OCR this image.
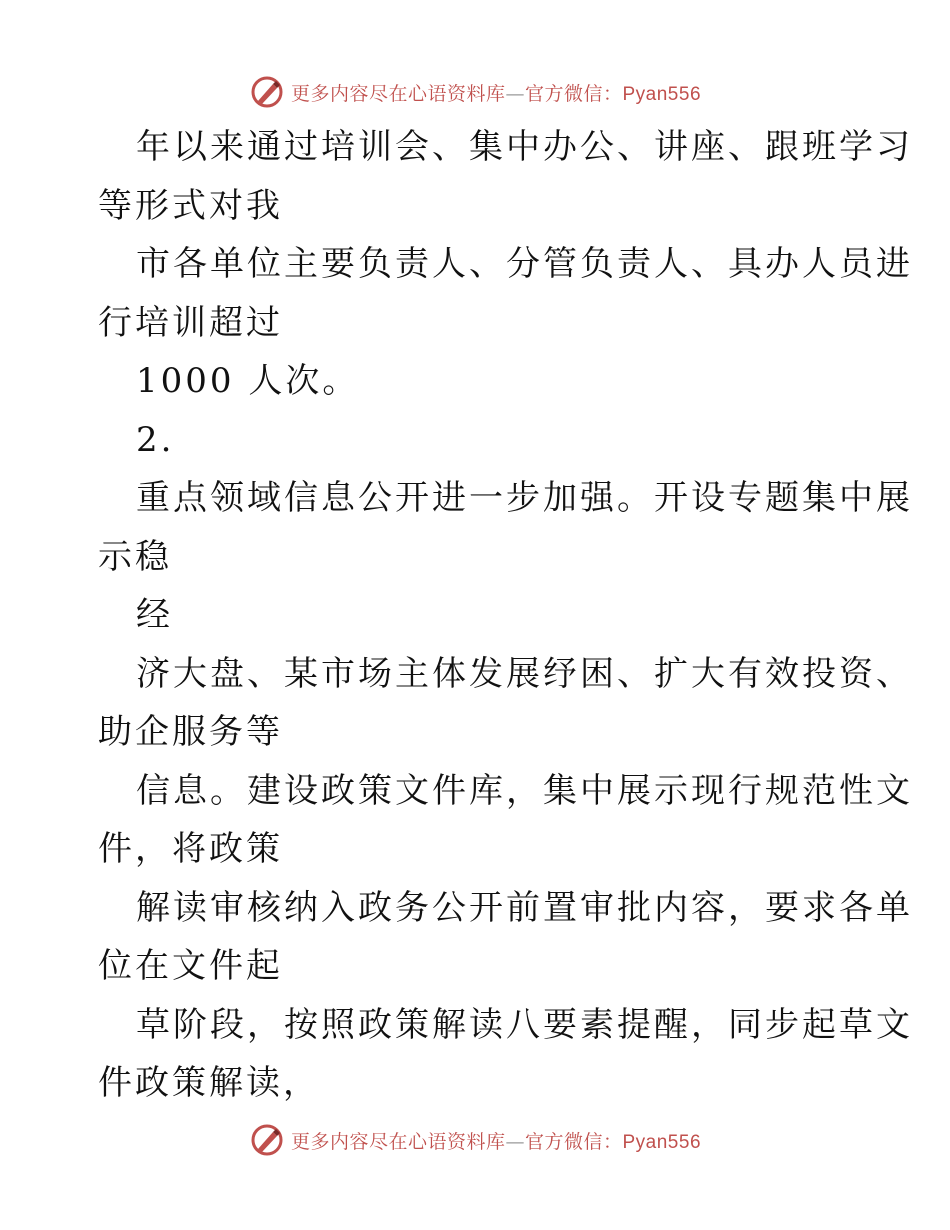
更多内容尽在心语资料库—官方微信：Pyan556
年以来通过培训会、集中办公、讲座、跟班学习
等形式对我
市各单位主要负责人、分管负责人、具办人员进
行培训超过
1000 人次。
2.
重点领域信息公开进一步加强。开设专题集中展
示稳
经
济大盘、某市场主体发展纾困、扩大有效投资、
助企服务等
信息。建设政策文件库，集中展示现行规范性文
件，将政策
解读审核纳入政务公开前置审批内容，要求各单
位在文件起
草阶段，按照政策解读八要素提醒，同步起草文
件政策解读，
更多内容尽在心语资料库—官方微信：Pyan556
